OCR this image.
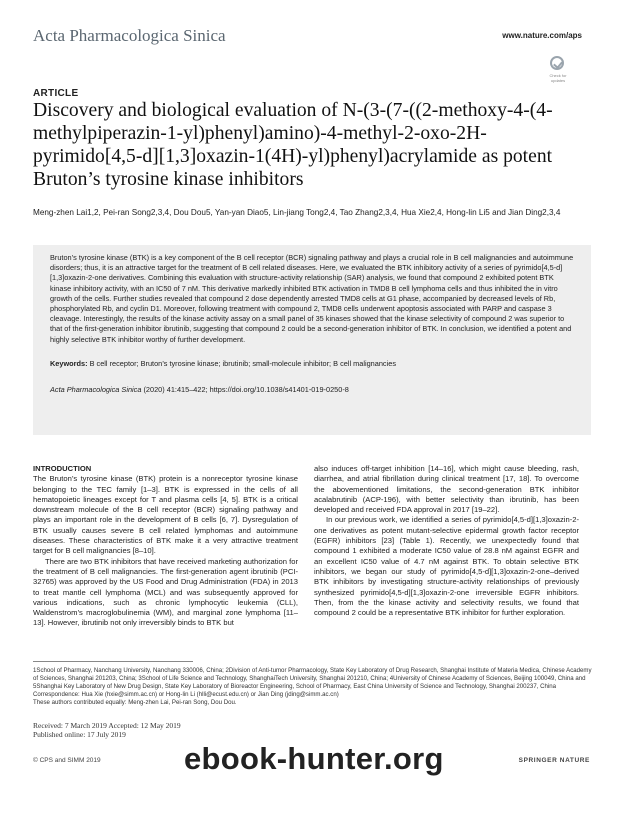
Acta Pharmacologica Sinica	www.nature.com/aps
Check for updates
ARTICLE
Discovery and biological evaluation of N-(3-(7-((2-methoxy-4-(4-methylpiperazin-1-yl)phenyl)amino)-4-methyl-2-oxo-2H-pyrimido[4,5-d][1,3]oxazin-1(4H)-yl)phenyl)acrylamide as potent Bruton’s tyrosine kinase inhibitors
Meng-zhen Lai1,2, Pei-ran Song2,3,4, Dou Dou5, Yan-yan Diao5, Lin-jiang Tong2,4, Tao Zhang2,3,4, Hua Xie2,4, Hong-lin Li5 and Jian Ding2,3,4
Bruton’s tyrosine kinase (BTK) is a key component of the B cell receptor (BCR) signaling pathway and plays a crucial role in B cell malignancies and autoimmune disorders; thus, it is an attractive target for the treatment of B cell related diseases. Here, we evaluated the BTK inhibitory activity of a series of pyrimido[4,5-d][1,3]oxazin-2-one derivatives. Combining this evaluation with structure-activity relationship (SAR) analysis, we found that compound 2 exhibited potent BTK kinase inhibitory activity, with an IC50 of 7 nM. This derivative markedly inhibited BTK activation in TMD8 B cell lymphoma cells and thus inhibited the in vitro growth of the cells. Further studies revealed that compound 2 dose dependently arrested TMD8 cells at G1 phase, accompanied by decreased levels of Rb, phosphorylated Rb, and cyclin D1. Moreover, following treatment with compound 2, TMD8 cells underwent apoptosis associated with PARP and caspase 3 cleavage. Interestingly, the results of the kinase activity assay on a small panel of 35 kinases showed that the kinase selectivity of compound 2 was superior to that of the first-generation inhibitor ibrutinib, suggesting that compound 2 could be a second-generation inhibitor of BTK. In conclusion, we identified a potent and highly selective BTK inhibitor worthy of further development.
Keywords: B cell receptor; Bruton’s tyrosine kinase; ibrutinib; small-molecule inhibitor; B cell malignancies
Acta Pharmacologica Sinica (2020) 41:415–422; https://doi.org/10.1038/s41401-019-0250-8
INTRODUCTION

The Bruton’s tyrosine kinase (BTK) protein is a nonreceptor tyrosine kinase belonging to the TEC family [1–3]. BTK is expressed in the cells of all hematopoietic lineages except for T and plasma cells [4, 5]. BTK is a critical downstream molecule of the B cell receptor (BCR) signaling pathway and plays an important role in the development of B cells [6, 7]. Dysregulation of BTK usually causes severe B cell related lymphomas and autoimmune diseases. These characteristics of BTK make it a very attractive treatment target for B cell malignancies [8–10].

There are two BTK inhibitors that have received marketing authorization for the treatment of B cell malignancies. The first-generation agent ibrutinib (PCI-32765) was approved by the US Food and Drug Administration (FDA) in 2013 to treat mantle cell lymphoma (MCL) and was subsequently approved for various indications, such as chronic lymphocytic leukemia (CLL), Waldenstrom’s macroglobulinemia (WM), and marginal zone lymphoma [11–13]. However, ibrutinib not only irreversibly binds to BTK but

also induces off-target inhibition [14–16], which might cause bleeding, rash, diarrhea, and atrial fibrillation during clinical treatment [17, 18]. To overcome the abovementioned limitations, the second-generation BTK inhibitor acalabrutinib (ACP-196), with better selectivity than ibrutinib, has been developed and received FDA approval in 2017 [19–22].

In our previous work, we identified a series of pyrimido[4,5-d][1,3]oxazin-2-one derivatives as potent mutant-selective epidermal growth factor receptor (EGFR) inhibitors [23] (Table 1). Recently, we unexpectedly found that compound 1 exhibited a moderate IC50 value of 28.8 nM against EGFR and an excellent IC50 value of 4.7 nM against BTK. To obtain selective BTK inhibitors, we began our study of pyrimido[4,5-d][1,3]oxazin-2-one–derived BTK inhibitors by investigating structure-activity relationships of previously synthesized pyrimido[4,5-d][1,3]oxazin-2-one irreversible EGFR inhibitors. Then, from the the kinase activity and selectivity results, we found that compound 2 could be a representative BTK inhibitor for further exploration.

1School of Pharmacy, Nanchang University, Nanchang 330006, China; 2Division of Anti-tumor Pharmacology, State Key Laboratory of Drug Research, Shanghai Institute of Materia Medica, Chinese Academy of Sciences, Shanghai 201203, China; 3School of Life Science and Technology, ShanghaiTech University, Shanghai 201210, China; 4University of Chinese Academy of Sciences, Beijing 100049, China and 5Shanghai Key Laboratory of New Drug Design, State Key Laboratory of Bioreactor Engineering, School of Pharmacy, East China University of Science and Technology, Shanghai 200237, China
Correspondence: Hua Xie (hxie@simm.ac.cn) or Hong-lin Li (hlli@ecust.edu.cn) or Jian Ding (jding@simm.ac.cn)
These authors contributed equally: Meng-zhen Lai, Pei-ran Song, Dou Dou.
Received: 7 March 2019 Accepted: 12 May 2019
Published online: 17 July 2019
© CPS and SIMM 2019	ebook-hunter.org	SPRINGER NATURE
